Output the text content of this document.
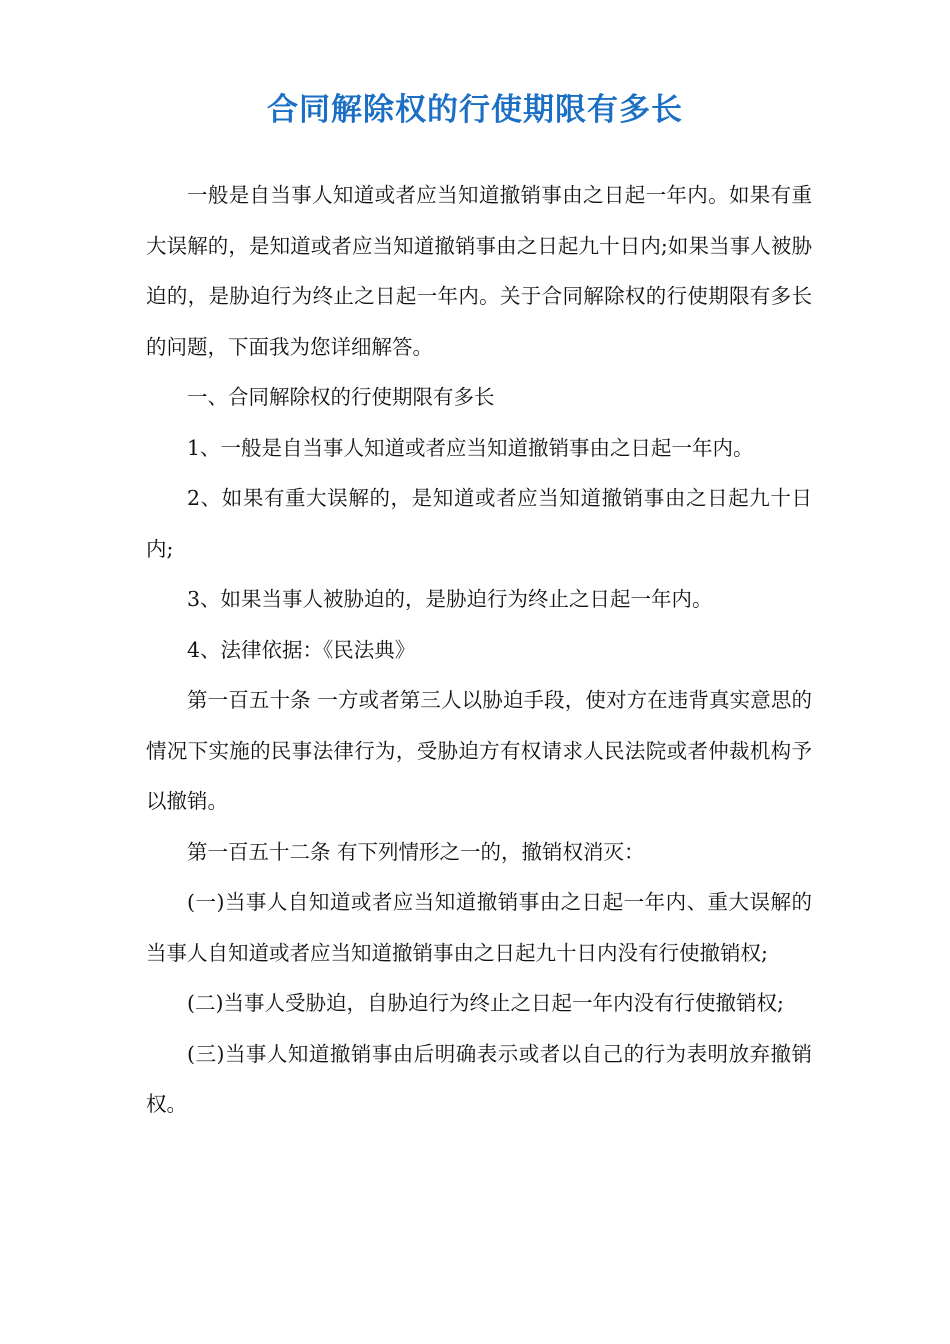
合同解除权的行使期限有多长

一般是自当事人知道或者应当知道撤销事由之日起一年内。如果有重大误解的，是知道或者应当知道撤销事由之日起九十日内;如果当事人被胁迫的，是胁迫行为终止之日起一年内。关于合同解除权的行使期限有多长的问题，下面我为您详细解答。

一、合同解除权的行使期限有多长

1、一般是自当事人知道或者应当知道撤销事由之日起一年内。

2、如果有重大误解的，是知道或者应当知道撤销事由之日起九十日内;

3、如果当事人被胁迫的，是胁迫行为终止之日起一年内。

4、法律依据：《民法典》

第一百五十条 一方或者第三人以胁迫手段，使对方在违背真实意思的情况下实施的民事法律行为，受胁迫方有权请求人民法院或者仲裁机构予以撤销。

第一百五十二条 有下列情形之一的，撤销权消灭：

(一)当事人自知道或者应当知道撤销事由之日起一年内、重大误解的当事人自知道或者应当知道撤销事由之日起九十日内没有行使撤销权;

(二)当事人受胁迫，自胁迫行为终止之日起一年内没有行使撤销权;

(三)当事人知道撤销事由后明确表示或者以自己的行为表明放弃撤销权。
